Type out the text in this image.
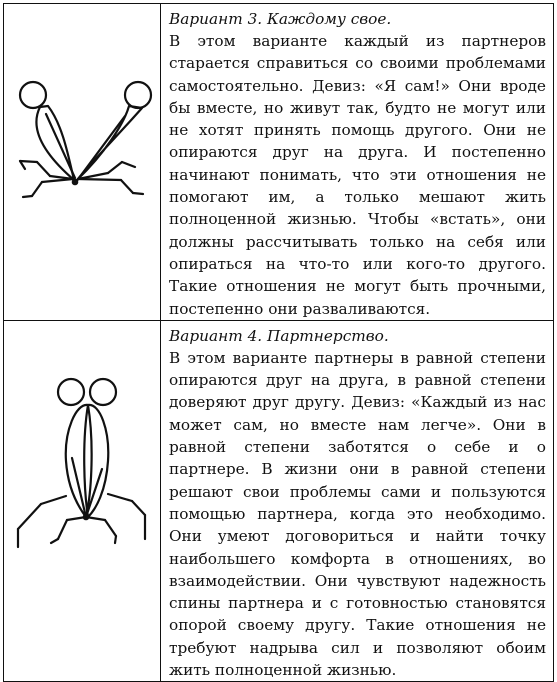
Вариант 3. Каждому свое.

В этом варианте каждый из партнеров старается справиться со своими проблемами самостоятельно. Девиз: «Я сам!» Они вроде бы вместе, но живут так, будто не могут или не хотят принять помощь другого. Они не опираются друг на друга. И постепенно начинают понимать, что эти отношения не помогают им, а только мешают жить полноценной жизнью. Чтобы «встать», они должны рассчитывать только на себя или опираться на что-то или кого-то другого. Такие отношения не могут быть прочными, постепенно они разваливаются.

Вариант 4. Партнерство.

В этом варианте партнеры в равной степени опираются друг на друга, в равной степени доверяют друг другу. Девиз: «Каждый из нас может сам, но вместе нам легче». Они в равной степени заботятся о себе и о партнере. В жизни они в равной степени решают свои проблемы сами и пользуются помощью партнера, когда это необходимо. Они умеют договориться и найти точку наибольшего комфорта в отношениях, во взаимодействии. Они чувствуют надежность спины партнера и с готовностью становятся опорой своему другу. Такие отношения не требуют надрыва сил и позволяют обоим жить полноценной жизнью.
